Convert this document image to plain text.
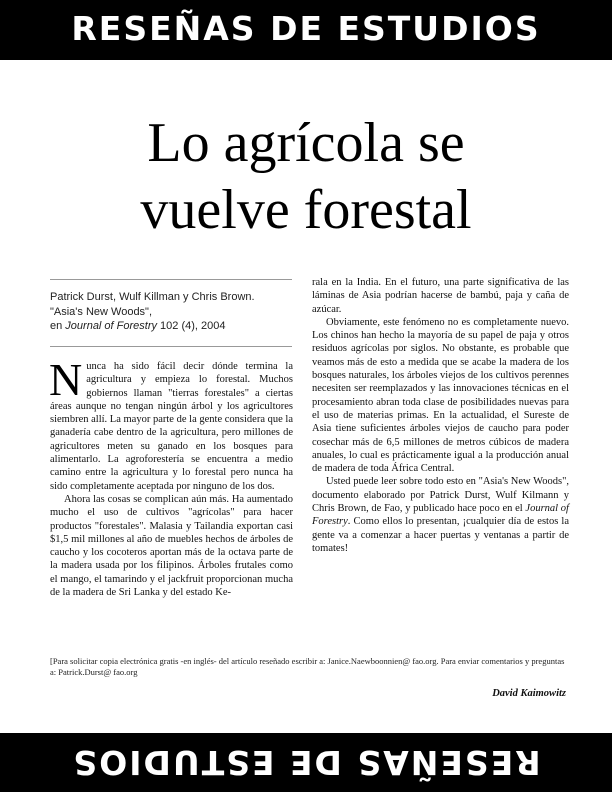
RESEÑAS DE ESTUDIOS
Lo agrícola se
vuelve forestal
Patrick Durst, Wulf Killman y Chris Brown.
"Asia's New Woods",
en Journal of Forestry 102 (4), 2004

Nunca ha sido fácil decir dónde termina la agricultura y empieza lo forestal. Muchos gobiernos llaman "tierras forestales" a ciertas áreas aunque no tengan ningún árbol y los agricultores siembren allí. La mayor parte de la gente considera que la ganadería cabe dentro de la agricultura, pero millones de agricultores meten su ganado en los bosques para alimentarlo. La agroforestería se encuentra a medio camino entre la agricultura y lo forestal pero nunca ha sido completamente aceptada por ninguno de los dos.

Ahora las cosas se complican aún más. Ha aumentado mucho el uso de cultivos "agrícolas" para hacer productos "forestales". Malasia y Tailandia exportan casi $1,5 mil millones al año de muebles hechos de árboles de caucho y los cocoteros aportan más de la octava parte de la madera usada por los filipinos. Árboles frutales como el mango, el tamarindo y el jackfruit proporcionan mucha de la madera de Sri Lanka y del estado Ke-

rala en la India. En el futuro, una parte significativa de las láminas de Asia podrían hacerse de bambú, paja y caña de azúcar.

Obviamente, este fenómeno no es completamente nuevo. Los chinos han hecho la mayoría de su papel de paja y otros residuos agrícolas por siglos. No obstante, es probable que veamos más de esto a medida que se acabe la madera de los bosques naturales, los árboles viejos de los cultivos perennes necesiten ser reemplazados y las innovaciones técnicas en el procesamiento abran toda clase de posibilidades nuevas para el uso de materias primas. En la actualidad, el Sureste de Asia tiene suficientes árboles viejos de caucho para poder cosechar más de 6,5 millones de metros cúbicos de madera anuales, lo cual es prácticamente igual a la producción anual de madera de toda África Central.

Usted puede leer sobre todo esto en "Asia's New Woods", documento elaborado por Patrick Durst, Wulf Kilmann y Chris Brown, de Fao, y publicado hace poco en el Journal of Forestry. Como ellos lo presentan, ¡cualquier día de estos la gente va a comenzar a hacer puertas y ventanas a partir de tomates!

[Para solicitar copia electrónica gratis -en inglés- del artículo reseñado escribir a: Janice.Naewboonnien@ fao.org. Para enviar comentarios y preguntas a: Patrick.Durst@ fao.org
David Kaimowitz
RESEÑAS DE ESTUDIOS
